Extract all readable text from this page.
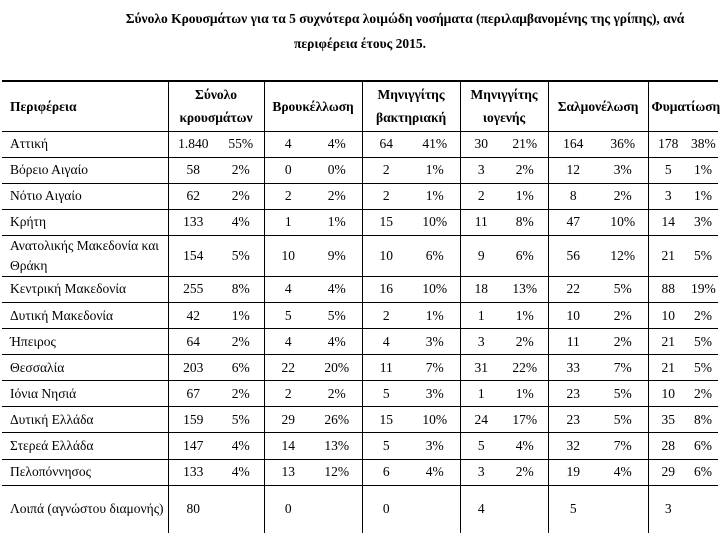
Σύνολο Κρουσμάτων για τα 5 συχνότερα λοιμώδη νοσήματα (περιλαμβανομένης της γρίπης), ανά
περιφέρεια έτους 2015.
Περιφέρεια	Σύνολο κρουσμάτων		Βρουκέλλωση		Μηνιγγίτης βακτηριακή		Μηνιγγίτης ιογενής		Σαλμονέλωση		Φυματίωση	
Αττική	1.840	55%	4	4%	64	41%	30	21%	164	36%	178	38%
Βόρειο Αιγαίο	58	2%	0	0%	2	1%	3	2%	12	3%	5	1%
Νότιο Αιγαίο	62	2%	2	2%	2	1%	2	1%	8	2%	3	1%
Κρήτη	133	4%	1	1%	15	10%	11	8%	47	10%	14	3%
Ανατολικής Μακεδονία και Θράκη	154	5%	10	9%	10	6%	9	6%	56	12%	21	5%
Κεντρική Μακεδονία	255	8%	4	4%	16	10%	18	13%	22	5%	88	19%
Δυτική Μακεδονία	42	1%	5	5%	2	1%	1	1%	10	2%	10	2%
Ήπειρος	64	2%	4	4%	4	3%	3	2%	11	2%	21	5%
Θεσσαλία	203	6%	22	20%	11	7%	31	22%	33	7%	21	5%
Ιόνια Νησιά	67	2%	2	2%	5	3%	1	1%	23	5%	10	2%
Δυτική Ελλάδα	159	5%	29	26%	15	10%	24	17%	23	5%	35	8%
Στερεά Ελλάδα	147	4%	14	13%	5	3%	5	4%	32	7%	28	6%
Πελοπόννησος	133	4%	13	12%	6	4%	3	2%	19	4%	29	6%
Λοιπά (αγνώστου διαμονής)	80		0		0		4		5		3	
